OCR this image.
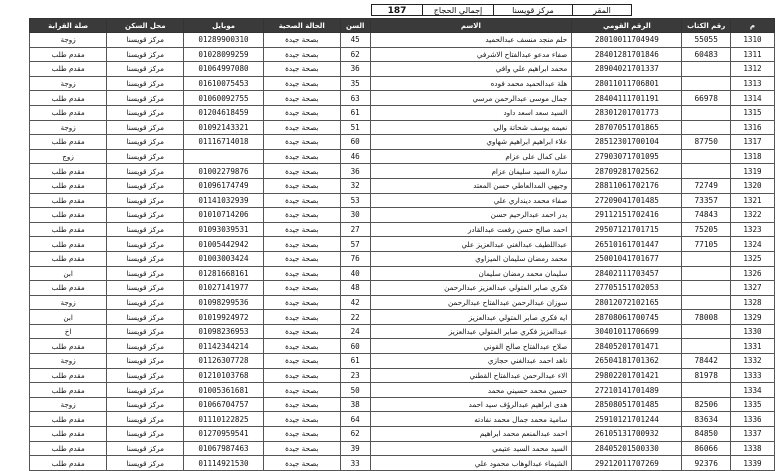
المقر
مركز قويسنا
إجمالي الحجاج
187
م	رقم الكتاب	الرقم القومي	الاسم	السن	الحالة الصحية	موبايل	محل السكن	صلة القرابة
1310	55055	28010011704949	حلم منجد منسف عبدالحميد	45	بصحة جيدة	01289900310	مركز قويسنا	زوجة
1311	60483	28401281701846	صفاء مدعو عبدالفتاح الاشرفي	62	بصحة جيدة	01028099259	مركز قويسنا	مقدم طلب
1312		28904021701337	محمد ابراهيم علي وافي	36	بصحة جيدة	01064997080	مركز قويسنا	مقدم طلب
1313		28011011706801	هلة عبدالحميد محمد فوده	35	بصحة جيدة	01610075453	مركز قويسنا	زوجة
1314	66978	28404111701191	جمال موسى عبدالرحمن مرسي	63	بصحة جيدة	01060092755	مركز قويسنا	مقدم طلب
1315		28301201701773	السيد سعد اسعد داود	61	بصحة جيدة	01204618459	مركز قويسنا	مقدم طلب
1316		28707051701865	نعيمه يوسف شحاتة والي	51	بصحة جيدة	01092143321	مركز قويسنا	زوجة
1317	87750	28512301700104	علاء ابراهيم ابراهيم شهاوي	60	بصحة جيدة	01116714018	مركز قويسنا	مقدم طلب
1318		27903071701095	على كمال على عزام	46	بصحة جيدة		مركز قويسنا	زوج
1319		28709281702562	سارة السيد سليمان عزام	36	بصحة جيدة	01002279876	مركز قويسنا	مقدم طلب
1320	72749	28811061702176	وجيهي المدالعاطي حسن المعتد	32	بصحة جيدة	01096174749	مركز قويسنا	مقدم طلب
1321	73357	27209041701485	صفاء محمد دينداري علي	53	بصحة جيدة	01141032939	مركز قويسنا	مقدم طلب
1322	74843	29112151702416	بدر احمد عبدالرحيم حسن	30	بصحة جيدة	01010714206	مركز قويسنا	مقدم طلب
1323	75205	29507121701715	احمد صالح حسن رفعت عبدالقادر	27	بصحة جيدة	01093039531	مركز قويسنا	مقدم طلب
1324	77105	26510161701447	عبداللطيف عبدالغني عبدالعزيز علي	57	بصحة جيدة	01005442942	مركز قويسنا	مقدم طلب
1325		25001041701677	محمد رمضان سليمان الميزاوي	76	بصحة جيدة	01003003424	مركز قويسنا	مقدم طلب
1326		28402111703457	سليمان محمد رمضان سليمان	40	بصحة جيدة	01281668161	مركز قويسنا	ابن
1327		27705151702053	فكري صابر المتولي عبدالعزيز عبدالرحمن	48	بصحة جيدة	01027141977	مركز قويسنا	مقدم طلب
1328		28012072102165	سوزان عبدالرحمن عبدالفتاح عبدالرحمن	42	بصحة جيدة	01098299536	مركز قويسنا	زوجة
1329	78008	28708061700745	ايه فكري صابر المتولي عبدالعزيز	22	بصحة جيدة	01019924972	مركز قويسنا	ابن
1330		30401011706699	عبدالعزيز فكري صابر المتولي عبدالعزيز	24	بصحة جيدة	01098236953	مركز قويسنا	اخ
1331		28405201701471	صلاح عبدالفتاح صالح القوني	60	بصحة جيدة	01142344214	مركز قويسنا	مقدم طلب
1332	78442	26504181701362	ناهد احمد عبدالغني حجازي	61	بصحة جيدة	01126307728	مركز قويسنا	زوجة
1333	81978	29802201701421	الاء عبدالرحمن عبدالفتاح القطني	23	بصحة جيدة	01210103768	مركز قويسنا	مقدم طلب
1334		27210141701489	حسين محمد حسيني محمد	50	بصحة جيدة	01005361681	مركز قويسنا	مقدم طلب
1335	82506	28508051701485	هدى ابراهيم عبدالرؤف سيد احمد	38	بصحة جيدة	01066704757	مركز قويسنا	زوجة
1336	83634	25910121701244	سامية محمد جمال محمد نفادته	64	بصحة جيدة	01110122825	مركز قويسنا	مقدم طلب
1337	84850	26105131700932	احمد عبدالمنعم محمد ابراهيم	62	بصحة جيدة	01270959541	مركز قويسنا	مقدم طلب
1338	86066	28405201500330	السيد محمد السيد عتيمي	39	بصحة جيدة	01067987463	مركز قويسنا	مقدم طلب
1339	92376	29212011707269	الشيماء عبدالوهاب محمود علي	33	بصحة جيدة	01114921530	مركز قويسنا	مقدم طلب
